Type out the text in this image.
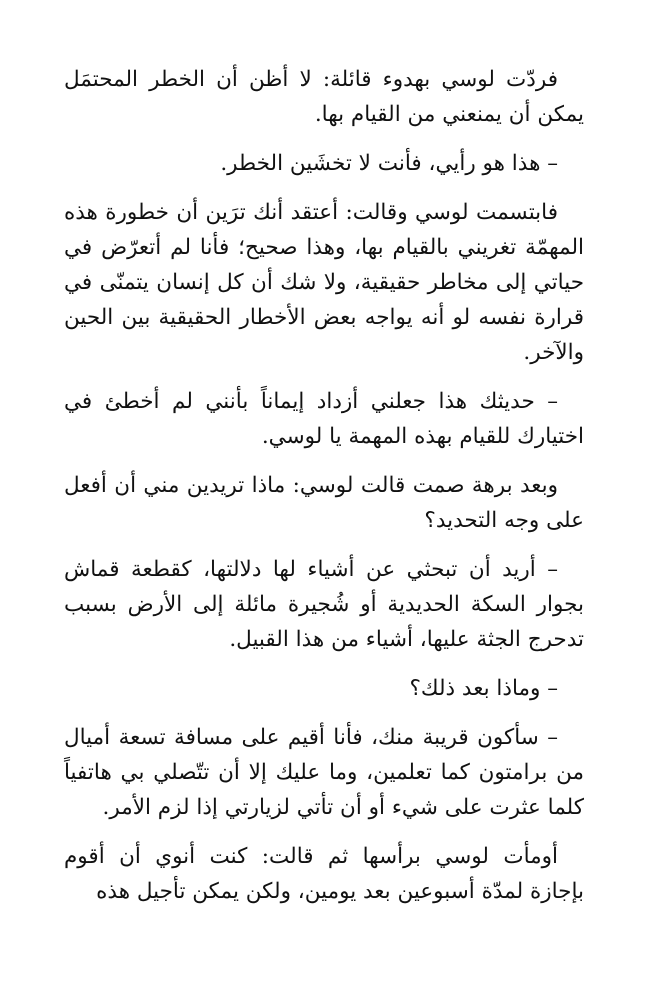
فردّت لوسي بهدوء قائلة: لا أظن أن الخطر المحتمَل يمكن أن يمنعني من القيام بها.

– هذا هو رأيي، فأنت لا تخشَين الخطر.

فابتسمت لوسي وقالت: أعتقد أنك ترَين أن خطورة هذه المهمّة تغريني بالقيام بها، وهذا صحيح؛ فأنا لم أتعرّض في حياتي إلى مخاطر حقيقية، ولا شك أن كل إنسان يتمنّى في قرارة نفسه لو أنه يواجه بعض الأخطار الحقيقية بين الحين والآخر.

– حديثك هذا جعلني أزداد إيماناً بأنني لم أخطئ في اختيارك للقيام بهذه المهمة يا لوسي.

وبعد برهة صمت قالت لوسي: ماذا تريدين مني أن أفعل على وجه التحديد؟

– أريد أن تبحثي عن أشياء لها دلالتها، كقطعة قماش بجوار السكة الحديدية أو شُجيرة مائلة إلى الأرض بسبب تدحرج الجثة عليها، أشياء من هذا القبيل.

– وماذا بعد ذلك؟

– سأكون قريبة منك، فأنا أقيم على مسافة تسعة أميال من برامتون كما تعلمين، وما عليك إلا أن تتّصلي بي هاتفياً كلما عثرت على شيء أو أن تأتي لزيارتي إذا لزم الأمر.

أومأت لوسي برأسها ثم قالت: كنت أنوي أن أقوم بإجازة لمدّة أسبوعين بعد يومين، ولكن يمكن تأجيل هذه
